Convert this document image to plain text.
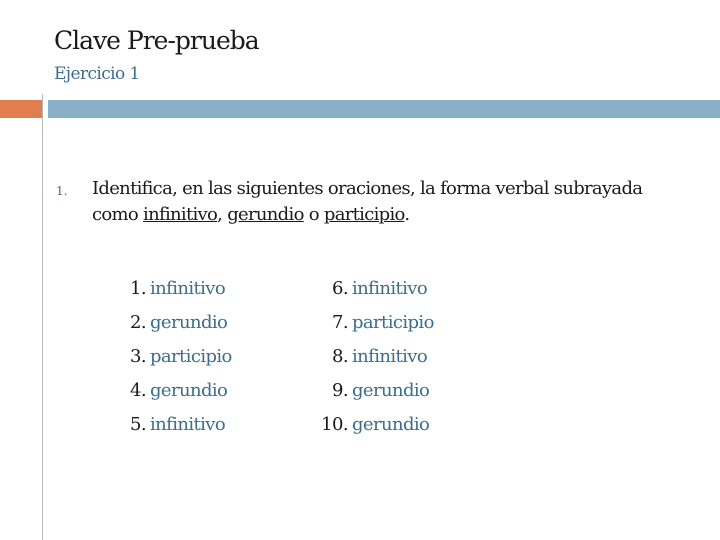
Clave Pre-prueba
Ejercicio 1
1. Identifica, en las siguientes oraciones, la forma verbal subrayada como infinitivo, gerundio o participio.
1. infinitivo
2. gerundio
3. participio
4. gerundio
5. infinitivo
6. infinitivo
7. participio
8. infinitivo
9. gerundio
10. gerundio
